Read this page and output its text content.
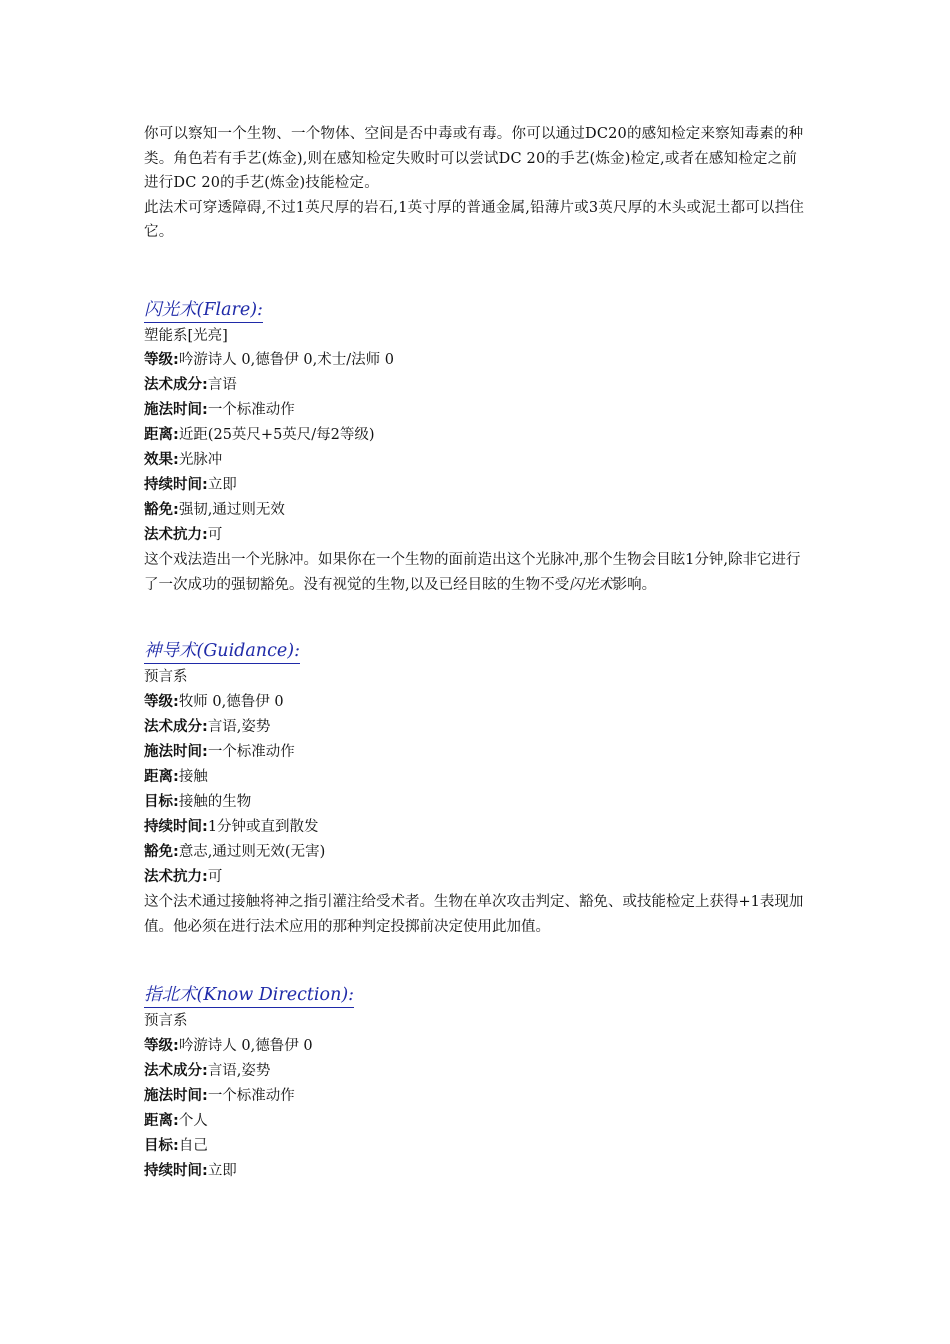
你可以察知一个生物、一个物体、空间是否中毒或有毒。你可以通过DC20的感知检定来察知毒素的种类。角色若有手艺(炼金),则在感知检定失败时可以尝试DC 20的手艺(炼金)检定,或者在感知检定之前进行DC 20的手艺(炼金)技能检定。

此法术可穿透障碍,不过1英尺厚的岩石,1英寸厚的普通金属,铅薄片或3英尺厚的木头或泥土都可以挡住它。

闪光术(Flare):
塑能系[光亮]
等级:吟游诗人 0,德鲁伊 0,术士/法师 0
法术成分:言语
施法时间:一个标准动作
距离:近距(25英尺+5英尺/每2等级)
效果:光脉冲
持续时间:立即
豁免:强韧,通过则无效
法术抗力:可

这个戏法造出一个光脉冲。如果你在一个生物的面前造出这个光脉冲,那个生物会目眩1分钟,除非它进行了一次成功的强韧豁免。没有视觉的生物,以及已经目眩的生物不受闪光术影响。

神导术(Guidance):
预言系
等级:牧师 0,德鲁伊 0
法术成分:言语,姿势
施法时间:一个标准动作
距离:接触
目标:接触的生物
持续时间:1分钟或直到散发
豁免:意志,通过则无效(无害)
法术抗力:可

这个法术通过接触将神之指引灌注给受术者。生物在单次攻击判定、豁免、或技能检定上获得+1表现加值。他必须在进行法术应用的那种判定投掷前决定使用此加值。

指北术(Know Direction):
预言系
等级:吟游诗人 0,德鲁伊 0
法术成分:言语,姿势
施法时间:一个标准动作
距离:个人
目标:自己
持续时间:立即
